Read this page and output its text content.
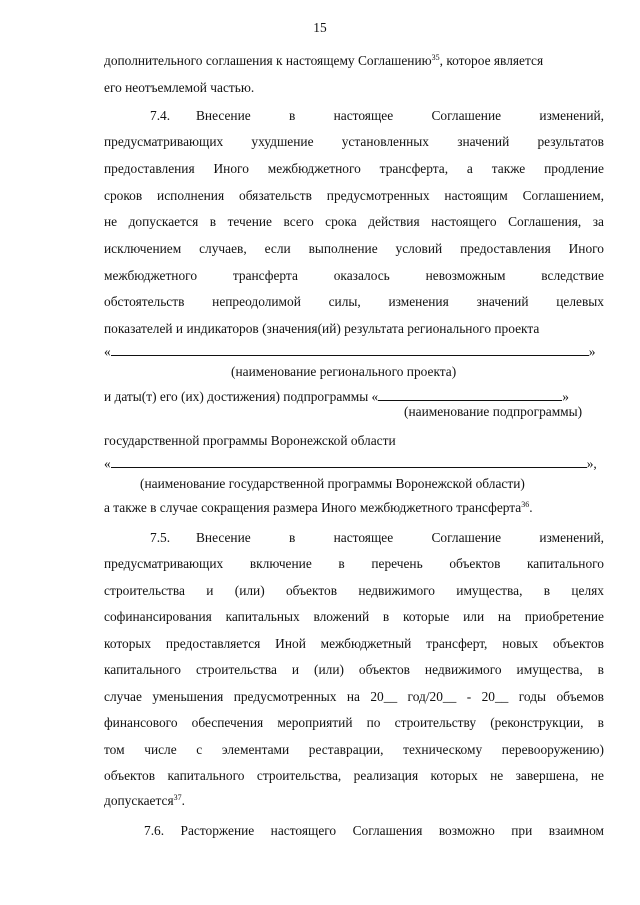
15
дополнительного соглашения к настоящему Соглашению$^{35}$, которое является
его неотъемлемой частью.
7.4. Внесение в настоящее Соглашение изменений,
предусматривающих ухудшение установленных значений результатов
предоставления Иного межбюджетного трансферта, а также продление
сроков исполнения обязательств предусмотренных настоящим Соглашением,
не допускается в течение всего срока действия настоящего Соглашения, за
исключением случаев, если выполнение условий предоставления Иного
межбюджетного трансферта оказалось невозможным вследствие
обстоятельств непреодолимой силы, изменения значений целевых
показателей и индикаторов (значения(ий) результата регионального проекта
«	»
(наименование регионального проекта)
и даты(т) его (их) достижения) подпрограммы «	»
(наименование подпрограммы)
государственной программы Воронежской области
«	»,
(наименование государственной программы Воронежской области)
а также в случае сокращения размера Иного межбюджетного трансферта$^{36}$.
7.5. Внесение в настоящее Соглашение изменений,
предусматривающих включение в перечень объектов капитального
строительства и (или) объектов недвижимого имущества, в целях
софинансирования капитальных вложений в которые или на приобретение
которых предоставляется Иной межбюджетный трансферт, новых объектов
капитального строительства и (или) объектов недвижимого имущества, в
случае уменьшения предусмотренных на 20__ год/20__ - 20__ годы объемов
финансового обеспечения мероприятий по строительству (реконструкции, в
том числе с элементами реставрации, техническому перевооружению)
объектов капитального строительства, реализация которых не завершена, не
допускается$^{37}$.
7.6. Расторжение настоящего Соглашения возможно при взаимном
